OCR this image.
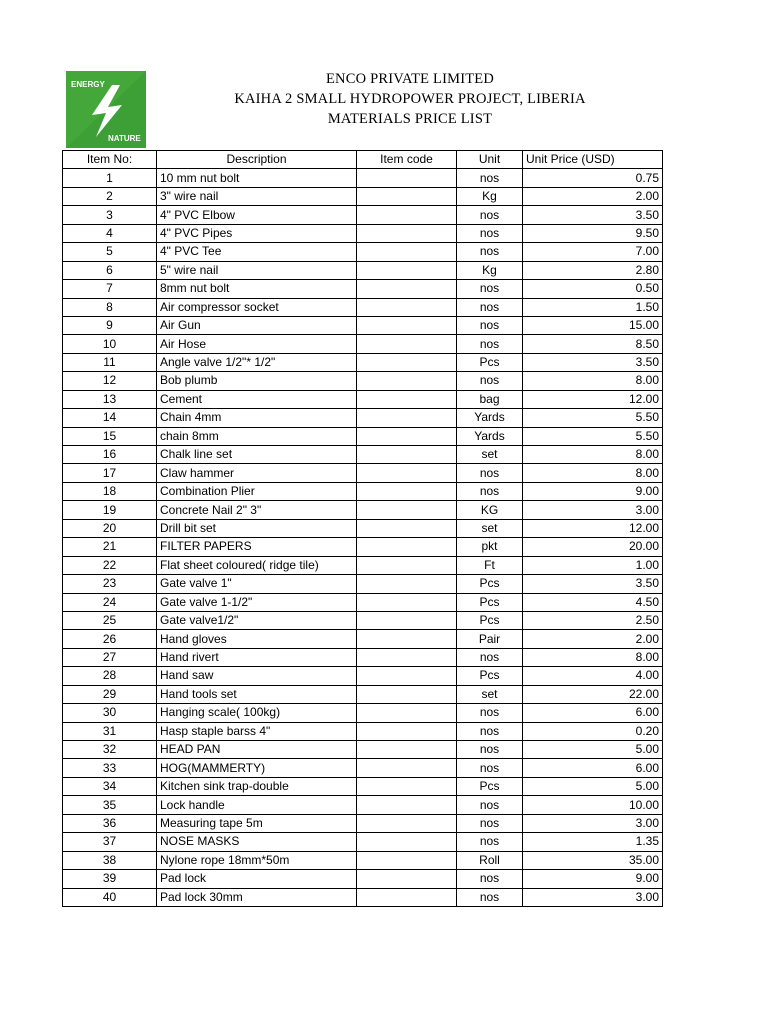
ENERGY
NATURE
ENCO PRIVATE LIMITED
KAIHA 2 SMALL HYDROPOWER PROJECT, LIBERIA
MATERIALS PRICE LIST
Item No:	Description	Item code	Unit	Unit Price (USD)
1	10 mm nut bolt		nos	0.75
2	3" wire nail		Kg	2.00
3	4" PVC Elbow		nos	3.50
4	4" PVC Pipes		nos	9.50
5	4" PVC Tee		nos	7.00
6	5" wire nail		Kg	2.80
7	8mm nut bolt		nos	0.50
8	Air compressor socket		nos	1.50
9	Air Gun		nos	15.00
10	Air Hose		nos	8.50
11	Angle valve 1/2"* 1/2"		Pcs	3.50
12	Bob plumb		nos	8.00
13	Cement		bag	12.00
14	Chain 4mm		Yards	5.50
15	chain 8mm		Yards	5.50
16	Chalk line set		set	8.00
17	Claw hammer		nos	8.00
18	Combination Plier		nos	9.00
19	Concrete Nail 2" 3"		KG	3.00
20	Drill bit set		set	12.00
21	FILTER PAPERS		pkt	20.00
22	Flat sheet coloured( ridge tile)		Ft	1.00
23	Gate valve 1"		Pcs	3.50
24	Gate valve 1-1/2"		Pcs	4.50
25	Gate valve1/2"		Pcs	2.50
26	Hand gloves		Pair	2.00
27	Hand rivert		nos	8.00
28	Hand saw		Pcs	4.00
29	Hand tools set		set	22.00
30	Hanging scale( 100kg)		nos	6.00
31	Hasp staple barss 4"		nos	0.20
32	HEAD PAN		nos	5.00
33	HOG(MAMMERTY)		nos	6.00
34	Kitchen sink trap-double		Pcs	5.00
35	Lock handle		nos	10.00
36	Measuring tape 5m		nos	3.00
37	NOSE MASKS		nos	1.35
38	Nylone rope 18mm*50m		Roll	35.00
39	Pad lock		nos	9.00
40	Pad lock 30mm		nos	3.00
